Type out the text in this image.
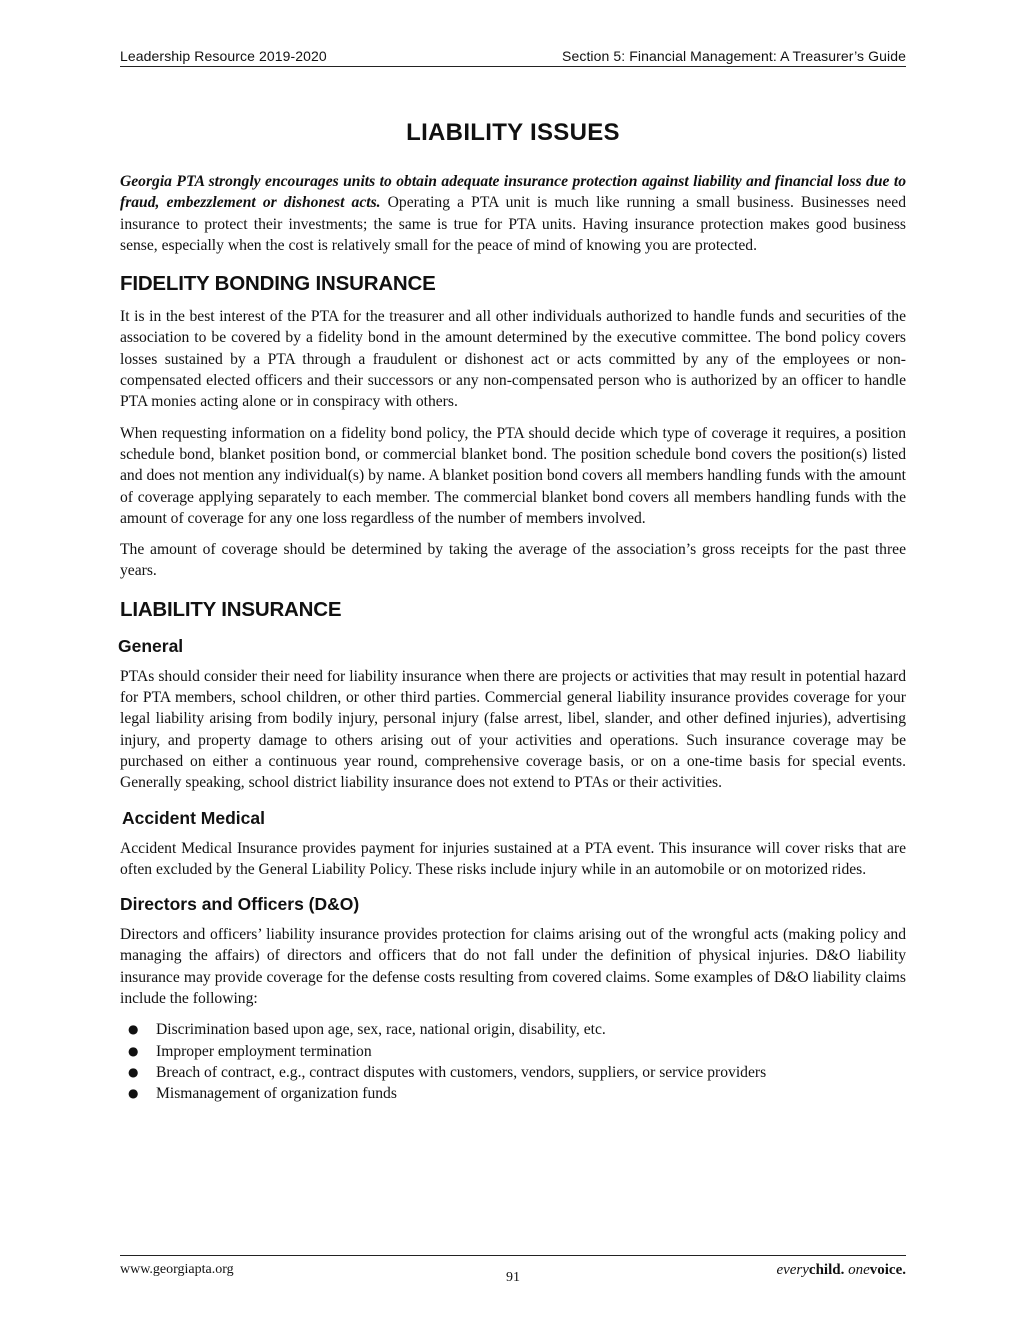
Leadership Resource 2019-2020	Section 5: Financial Management: A Treasurer’s Guide
LIABILITY ISSUES

Georgia PTA strongly encourages units to obtain adequate insurance protection against liability and financial loss due to fraud, embezzlement or dishonest acts. Operating a PTA unit is much like running a small business. Businesses need insurance to protect their investments; the same is true for PTA units. Having insurance protection makes good business sense, especially when the cost is relatively small for the peace of mind of knowing you are protected.

FIDELITY BONDING INSURANCE

It is in the best interest of the PTA for the treasurer and all other individuals authorized to handle funds and securities of the association to be covered by a fidelity bond in the amount determined by the executive committee. The bond policy covers losses sustained by a PTA through a fraudulent or dishonest act or acts committed by any of the employees or non-compensated elected officers and their successors or any non-compensated person who is authorized by an officer to handle PTA monies acting alone or in conspiracy with others.

When requesting information on a fidelity bond policy, the PTA should decide which type of coverage it requires, a position schedule bond, blanket position bond, or commercial blanket bond. The position schedule bond covers the position(s) listed and does not mention any individual(s) by name. A blanket position bond covers all members handling funds with the amount of coverage applying separately to each member. The commercial blanket bond covers all members handling funds with the amount of coverage for any one loss regardless of the number of members involved.

The amount of coverage should be determined by taking the average of the association’s gross receipts for the past three years.

LIABILITY INSURANCE
General

PTAs should consider their need for liability insurance when there are projects or activities that may result in potential hazard for PTA members, school children, or other third parties. Commercial general liability insurance provides coverage for your legal liability arising from bodily injury, personal injury (false arrest, libel, slander, and other defined injuries), advertising injury, and property damage to others arising out of your activities and operations. Such insurance coverage may be purchased on either a continuous year round, comprehensive coverage basis, or on a one-time basis for special events. Generally speaking, school district liability insurance does not extend to PTAs or their activities.

Accident Medical

Accident Medical Insurance provides payment for injuries sustained at a PTA event. This insurance will cover risks that are often excluded by the General Liability Policy. These risks include injury while in an automobile or on motorized rides.

Directors and Officers (D&O)

Directors and officers’ liability insurance provides protection for claims arising out of the wrongful acts (making policy and managing the affairs) of directors and officers that do not fall under the definition of physical injuries. D&O liability insurance may provide coverage for the defense costs resulting from covered claims. Some examples of D&O liability claims include the following:

● Discrimination based upon age, sex, race, national origin, disability, etc.
● Improper employment termination
● Breach of contract, e.g., contract disputes with customers, vendors, suppliers, or service providers
● Mismanagement of organization funds
www.georgiapta.org
91	everychild. onevoice.
